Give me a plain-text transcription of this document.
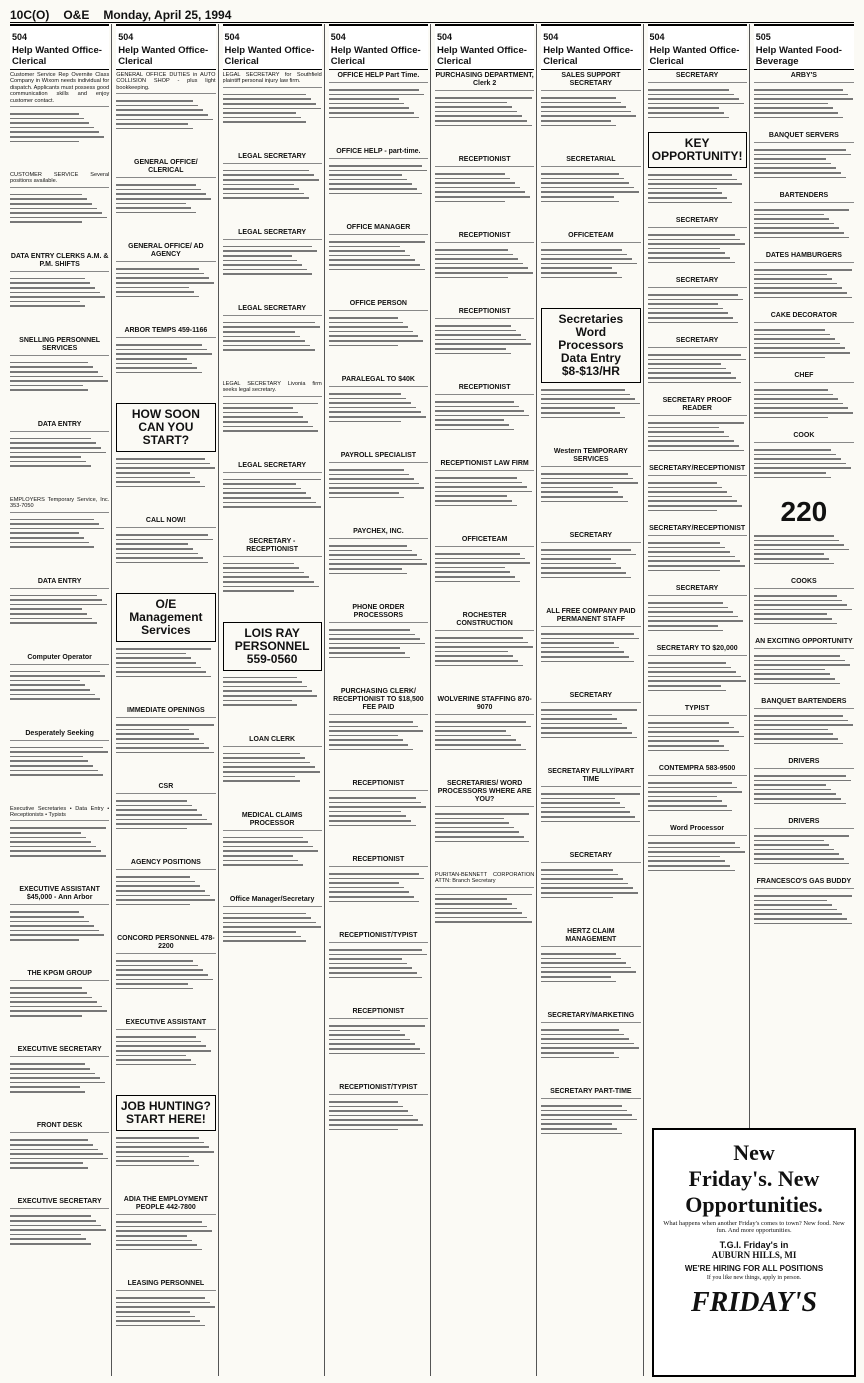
10C(O) O&E Monday, April 25, 1994
504
Help Wanted Office-Clerical
Customer Service Rep Overnite Class Company in Wixom needs individual for dispatch. Applicants must possess good communication skills and enjoy customer contact.
CUSTOMER SERVICE Several positions available.
DATA ENTRY CLERKS A.M. & P.M. SHIFTS
SNELLING PERSONNEL SERVICES
DATA ENTRY
EMPLOYERS Temporary Service, Inc. 353-7050
DATA ENTRY
Computer Operator
Desperately Seeking
Executive Secretaries • Data Entry • Receptionists • Typists
EXECUTIVE ASSISTANT $45,000 - Ann Arbor
THE KPGM GROUP
EXECUTIVE SECRETARY
FRONT DESK
EXECUTIVE SECRETARY
504
Help Wanted Office-Clerical
GENERAL OFFICE DUTIES in AUTO COLLISION SHOP - plus light bookkeeping.
GENERAL OFFICE/ CLERICAL
GENERAL OFFICE/ AD AGENCY
ARBOR TEMPS 459-1166
HOW SOON CAN YOU START?
CALL NOW!
O/E Management Services
IMMEDIATE OPENINGS
CSR
AGENCY POSITIONS
CONCORD PERSONNEL 478-2200
EXECUTIVE ASSISTANT
JOB HUNTING? START HERE!
ADIA THE EMPLOYMENT PEOPLE 442-7800
LEASING PERSONNEL
504
Help Wanted Office-Clerical
LEGAL SECRETARY for Southfield plaintiff personal injury law firm.
LEGAL SECRETARY
LEGAL SECRETARY
LEGAL SECRETARY
LEGAL SECRETARY Livonia firm seeks legal secretary.
LEGAL SECRETARY
SECRETARY - RECEPTIONIST
LOIS RAY PERSONNEL 559-0560
LOAN CLERK
MEDICAL CLAIMS PROCESSOR
Office Manager/Secretary
504
Help Wanted Office-Clerical
OFFICE HELP Part Time.
OFFICE HELP - part-time.
OFFICE MANAGER
OFFICE PERSON
PARALEGAL TO $40K
PAYROLL SPECIALIST
PAYCHEX, INC.
PHONE ORDER PROCESSORS
PURCHASING CLERK/ RECEPTIONIST TO $18,500 FEE PAID
RECEPTIONIST
RECEPTIONIST
RECEPTIONIST/TYPIST
RECEPTIONIST
RECEPTIONIST/TYPIST
504
Help Wanted Office-Clerical
PURCHASING DEPARTMENT, Clerk 2
RECEPTIONIST
RECEPTIONIST
RECEPTIONIST
RECEPTIONIST
RECEPTIONIST LAW FIRM
OFFICETEAM
ROCHESTER CONSTRUCTION
WOLVERINE STAFFING 870-9070
SECRETARIES/ WORD PROCESSORS WHERE ARE YOU?
PURITAN-BENNETT CORPORATION ATTN: Branch Secretary
504
Help Wanted Office-Clerical
SALES SUPPORT SECRETARY
SECRETARIAL
OFFICETEAM
Secretaries Word Processors Data Entry $8-$13/HR
Western TEMPORARY SERVICES
SECRETARY
ALL FREE COMPANY PAID PERMANENT STAFF
SECRETARY
SECRETARY FULLY/PART TIME
SECRETARY
HERTZ CLAIM MANAGEMENT
SECRETARY/MARKETING
SECRETARY PART-TIME
504
Help Wanted Office-Clerical
SECRETARY
KEY OPPORTUNITY!
SECRETARY
SECRETARY
SECRETARY
SECRETARY PROOF READER
SECRETARY/RECEPTIONIST
SECRETARY/RECEPTIONIST
SECRETARY
SECRETARY TO $20,000
TYPIST
CONTEMPRA 583-9500
Word Processor
505
Help Wanted Food-Beverage
ARBY'S
BANQUET SERVERS
BARTENDERS
DATES HAMBURGERS
CAKE DECORATOR
CHEF
COOK
220
COOKS
AN EXCITING OPPORTUNITY
BANQUET BARTENDERS
DRIVERS
DRIVERS
FRANCESCO'S GAS BUDDY
New
Friday's. New Opportunities.
What happens when another Friday's comes to town? New food. New fun. And more opportunities.
T.G.I. Friday's in
AUBURN HILLS, MI
WE'RE HIRING FOR ALL POSITIONS
If you like new things, apply in person.
FRIDAY'S
